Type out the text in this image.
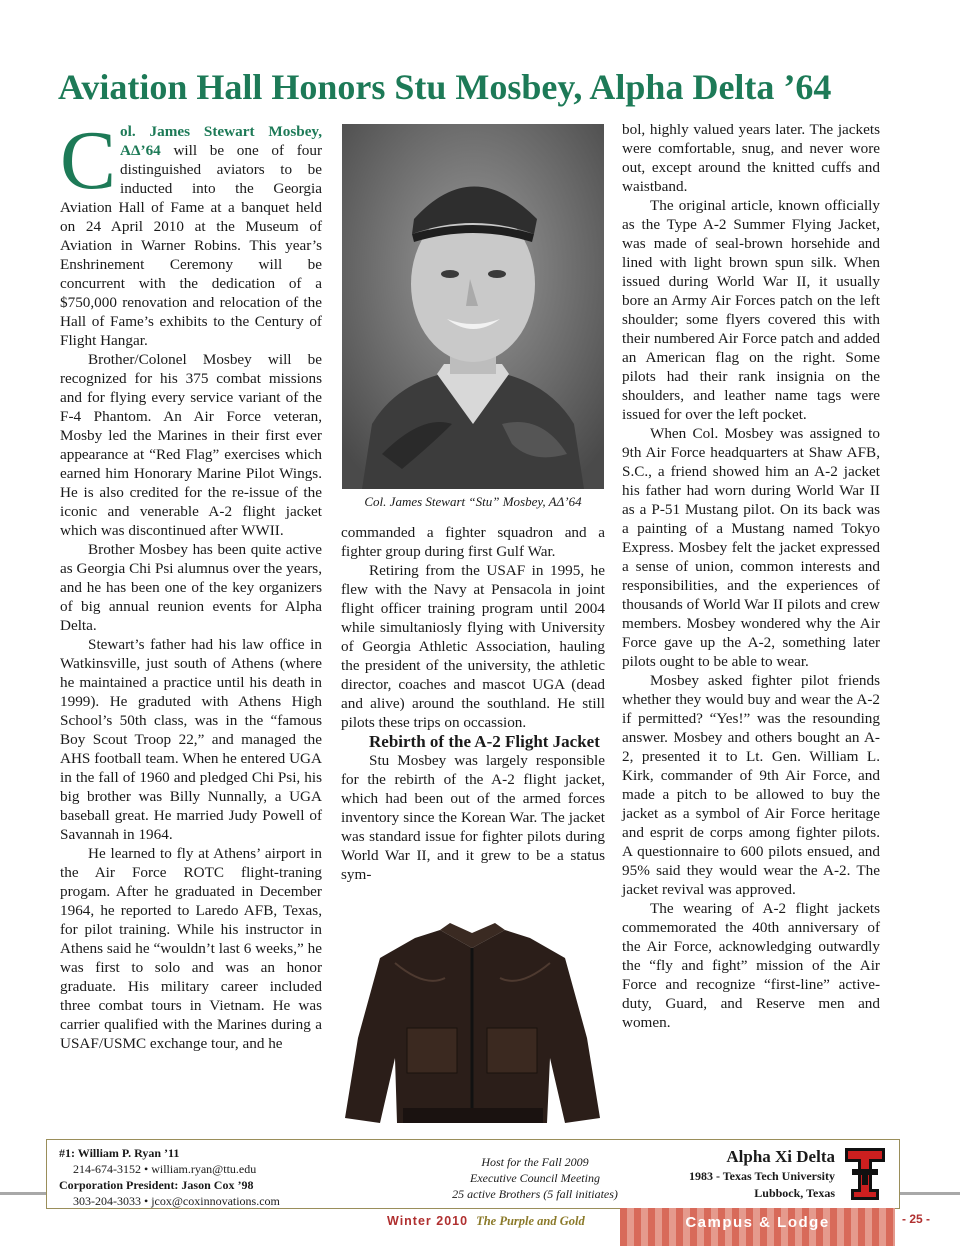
Aviation Hall Honors Stu Mosbey, Alpha Delta ’64

Col. James Stewart Mosbey, AΔ’64 will be one of four distinguished aviators to be inducted into the Georgia Aviation Hall of Fame at a banquet held on 24 April 2010 at the Museum of Aviation in Warner Robins. This year’s Enshrinement Ceremony will be concurrent with the dedication of a $750,000 renovation and relocation of the Hall of Fame’s exhibits to the Century of Flight Hangar.

Brother/Colonel Mosbey will be recognized for his 375 combat missions and for flying every service variant of the F-4 Phantom. An Air Force veteran, Mosby led the Marines in their first ever appearance at “Red Flag” exercises which earned him Honorary Marine Pilot Wings. He is also credited for the re-issue of the iconic and venerable A-2 flight jacket which was discontinued after WWII.

Brother Mosbey has been quite active as Georgia Chi Psi alumnus over the years, and he has been one of the key organizers of big annual reunion events for Alpha Delta.

Stewart’s father had his law office in Watkinsville, just south of Athens (where he maintained a practice until his death in 1999). He graduted with Athens High School’s 50th class, was in the “famous Boy Scout Troop 22,” and managed the AHS football team. When he entered UGA in the fall of 1960 and pledged Chi Psi, his big brother was Billy Nunnally, a UGA baseball great. He married Judy Powell of Savannah in 1964.

He learned to fly at Athens’ airport in the Air Force ROTC flight-traning progam. After he graduated in December 1964, he reported to Laredo AFB, Texas, for pilot training. While his instructor in Athens said he “wouldn’t last 6 weeks,” he was first to solo and was an honor graduate. His military career included three combat tours in Vietnam. He was carrier qualified with the Marines during a USAF/USMC exchange tour, and he

Col. James Stewart “Stu” Mosbey, AΔ’64

commanded a fighter squadron and a fighter group during first Gulf War.

Retiring from the USAF in 1995, he flew with the Navy at Pensacola in joint flight officer training program until 2004 while simultaniosly flying with University of Georgia Athletic Association, hauling the president of the university, the athletic director, coaches and mascot UGA (dead and alive) around the southland. He still pilots these trips on occassion.

Rebirth of the A-2 Flight Jacket

Stu Mosbey was largely responsible for the rebirth of the A-2 flight jacket, which had been out of the armed forces inventory since the Korean War. The jacket was standard issue for fighter pilots during World War II, and it grew to be a status sym-

bol, highly valued years later. The jackets were comfortable, snug, and never wore out, except around the knitted cuffs and waistband.

The original article, known officially as the Type A-2 Summer Flying Jacket, was made of seal-brown horsehide and lined with light brown spun silk. When issued during World War II, it usually bore an Army Air Forces patch on the left shoulder; some flyers covered this with their numbered Air Force patch and added an American flag on the right. Some pilots had their rank insignia on the shoulders, and leather name tags were issued for over the left pocket.

When Col. Mosbey was assigned to 9th Air Force headquarters at Shaw AFB, S.C., a friend showed him an A-2 jacket his father had worn during World War II as a P-51 Mustang pilot. On its back was a painting of a Mustang named Tokyo Express. Mosbey felt the jacket expressed a sense of union, common interests and responsibilities, and the experiences of thousands of World War II pilots and crew members. Mosbey wondered why the Air Force gave up the A-2, something later pilots ought to be able to wear.

Mosbey asked fighter pilot friends whether they would buy and wear the A-2 if permitted? “Yes!” was the resounding answer. Mosbey and others bought an A-2, presented it to Lt. Gen. William L. Kirk, commander of 9th Air Force, and made a pitch to be allowed to buy the jacket as a symbol of Air Force heritage and esprit de corps among fighter pilots. A questionnaire to 600 pilots ensued, and 95% said they would wear the A-2. The jacket revival was approved.

The wearing of A-2 flight jackets commemorated the 40th anniversary of the Air Force, acknowledging outwardly the “fly and fight” mission of the Air Force and recognize “first-line” active-duty, Guard, and Reserve men and women.

#1: William P. Ryan ’11
214-674-3152 • william.ryan@ttu.edu
Corporation President: Jason Cox ’98
303-204-3033 • jcox@coxinnovations.com
Host for the Fall 2009
Executive Council Meeting
25 active Brothers (5 fall initiates)
Alpha Xi Delta
1983 - Texas Tech University
Lubbock, Texas
Winter 2010 The Purple and Gold	Campus & Lodge	- 25 -
